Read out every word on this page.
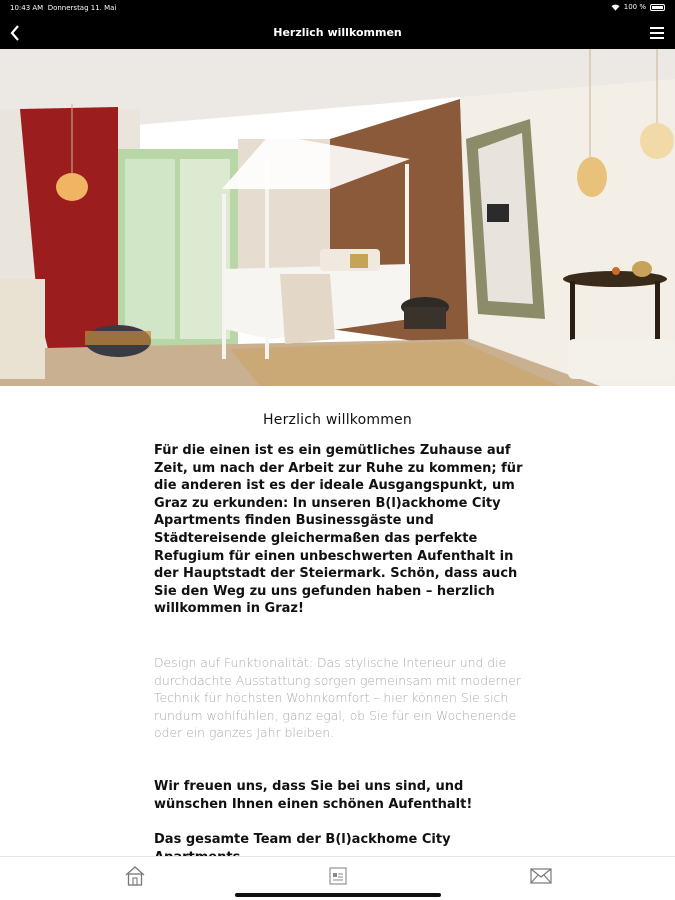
10:43 AM Donnerstag 11. Mai	100 %
Herzlich willkommen
Herzlich willkommen

Für die einen ist es ein gemütliches Zuhause auf Zeit, um nach der Arbeit zur Ruhe zu kommen; für die anderen ist es der ideale Ausgangspunkt, um Graz zu erkunden: In unseren B(l)ackhome City Apartments finden Businessgäste und Städtereisende gleichermaßen das perfekte Refugium für einen unbeschwerten Aufenthalt in der Hauptstadt der Steiermark. Schön, dass auch Sie den Weg zu uns gefunden haben – herzlich willkommen in Graz!

Design auf Funktionalität: Das stylische Interieur und die durchdachte Ausstattung sorgen gemeinsam mit moderner Technik für höchsten Wohnkomfort – hier können Sie sich rundum wohlfühlen, ganz egal, ob Sie für ein Wochenende oder ein ganzes Jahr bleiben.

Wir freuen uns, dass Sie bei uns sind, und wünschen Ihnen einen schönen Aufenthalt!

Das gesamte Team der B(l)ackhome City
